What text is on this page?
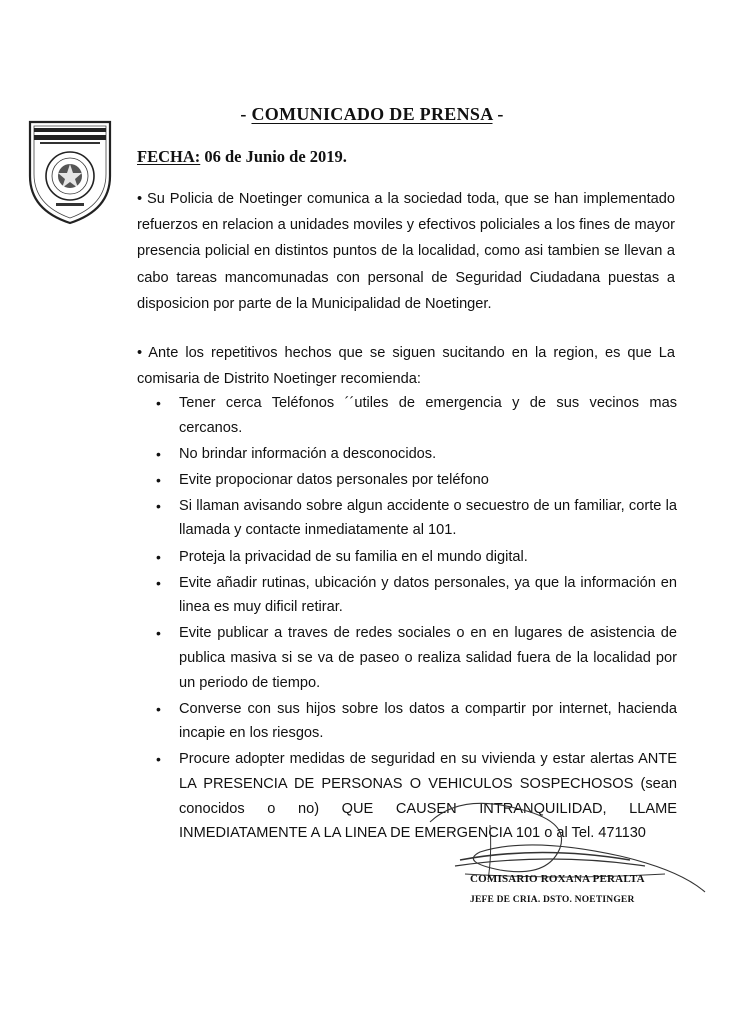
- COMUNICADO DE PRENSA -
FECHA: 06 de Junio de 2019.

• Su Policia de Noetinger comunica a la sociedad toda, que se han implementado refuerzos en relacion a unidades moviles y efectivos policiales a los fines de mayor presencia policial en distintos puntos de la localidad, como asi tambien se llevan a cabo tareas mancomunadas con personal de Seguridad Ciudadana puestas a disposicion por parte de la Municipalidad de Noetinger.

• Ante los repetitivos hechos que se siguen sucitando en la region, es que La comisaria de Distrito Noetinger recomienda:

• Tener cerca Teléfonos ´´utiles de emergencia y de sus vecinos mas cercanos.
• No brindar información a desconocidos.
• Evite propocionar datos personales por teléfono
• Si llaman avisando sobre algun accidente o secuestro de un familiar, corte la llamada y contacte inmediatamente al 101.
• Proteja la privacidad de su familia en el mundo digital.
• Evite añadir rutinas, ubicación y datos personales, ya que la información en linea es muy dificil retirar.
• Evite publicar a traves de redes sociales o en en lugares de asistencia de publica masiva si se va de paseo o realiza salidad fuera de la localidad por un periodo de tiempo.
• Converse con sus hijos sobre los datos a compartir por internet, hacienda incapie en los riesgos.
• Procure adopter medidas de seguridad en su vivienda y estar alertas ANTE LA PRESENCIA DE PERSONAS O VEHICULOS SOSPECHOSOS (sean conocidos o no) QUE CAUSEN INTRANQUILIDAD, LLAME INMEDIATAMENTE A LA LINEA DE EMERGENCIA 101 o al Tel. 471130
COMISARIO ROXANA PERALTA
JEFE DE CRIA. DSTO. NOETINGER
